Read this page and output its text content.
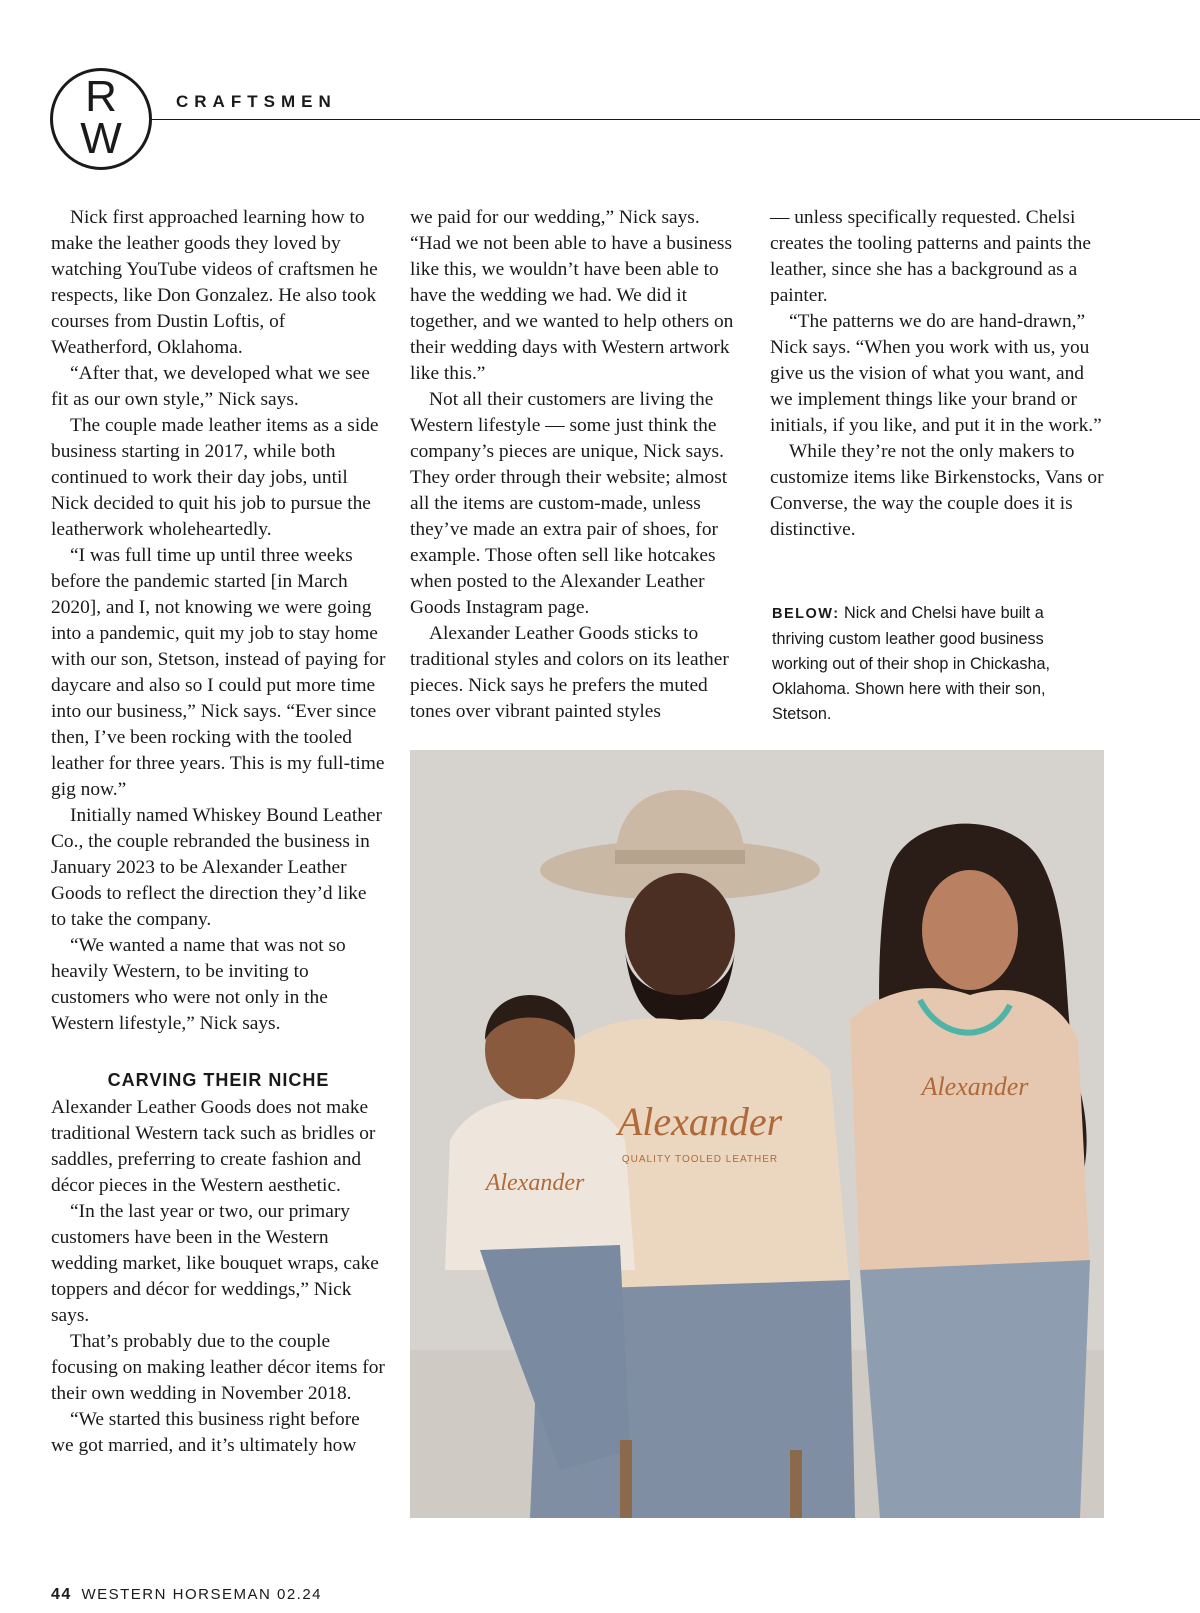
R
W
CRAFTSMEN

Nick first approached learning how to make the leather goods they loved by watching YouTube videos of craftsmen he respects, like Don Gonzalez. He also took courses from Dustin Loftis, of Weatherford, Oklahoma.

“After that, we developed what we see fit as our own style,” Nick says.

The couple made leather items as a side business starting in 2017, while both continued to work their day jobs, until Nick decided to quit his job to pursue the leatherwork wholeheartedly.

“I was full time up until three weeks before the pandemic started [in March 2020], and I, not knowing we were going into a pandemic, quit my job to stay home with our son, Stetson, instead of paying for daycare and also so I could put more time into our business,” Nick says. “Ever since then, I’ve been rocking with the tooled leather for three years. This is my full-time gig now.”

Initially named Whiskey Bound Leather Co., the couple rebranded the business in January 2023 to be Alexander Leather Goods to reflect the direction they’d like to take the company.

“We wanted a name that was not so heavily Western, to be inviting to customers who were not only in the Western lifestyle,” Nick says.

CARVING THEIR NICHE

Alexander Leather Goods does not make traditional Western tack such as bridles or saddles, preferring to create fashion and décor pieces in the Western aesthetic.

“In the last year or two, our primary customers have been in the Western wedding market, like bouquet wraps, cake toppers and décor for weddings,” Nick says.

That’s probably due to the couple focusing on making leather décor items for their own wedding in November 2018.

“We started this business right before we got married, and it’s ultimately how

we paid for our wedding,” Nick says. “Had we not been able to have a business like this, we wouldn’t have been able to have the wedding we had. We did it together, and we wanted to help others on their wedding days with Western artwork like this.”

Not all their customers are living the Western lifestyle — some just think the company’s pieces are unique, Nick says. They order through their website; almost all the items are custom-made, unless they’ve made an extra pair of shoes, for example. Those often sell like hotcakes when posted to the Alexander Leather Goods Instagram page.

Alexander Leather Goods sticks to traditional styles and colors on its leather pieces. Nick says he prefers the muted tones over vibrant painted styles

— unless specifically requested. Chelsi creates the tooling patterns and paints the leather, since she has a background as a painter.

“The patterns we do are hand-drawn,” Nick says. “When you work with us, you give us the vision of what you want, and we implement things like your brand or initials, if you like, and put it in the work.”

While they’re not the only makers to customize items like Birkenstocks, Vans or Converse, the way the couple does it is distinctive.

BELOW: Nick and Chelsi have built a thriving custom leather good business working out of their shop in Chickasha, Oklahoma. Shown here with their son, Stetson.
Alexander
QUALITY TOOLED LEATHER
Alexander
Alexander
44 WESTERN HORSEMAN 02.24
